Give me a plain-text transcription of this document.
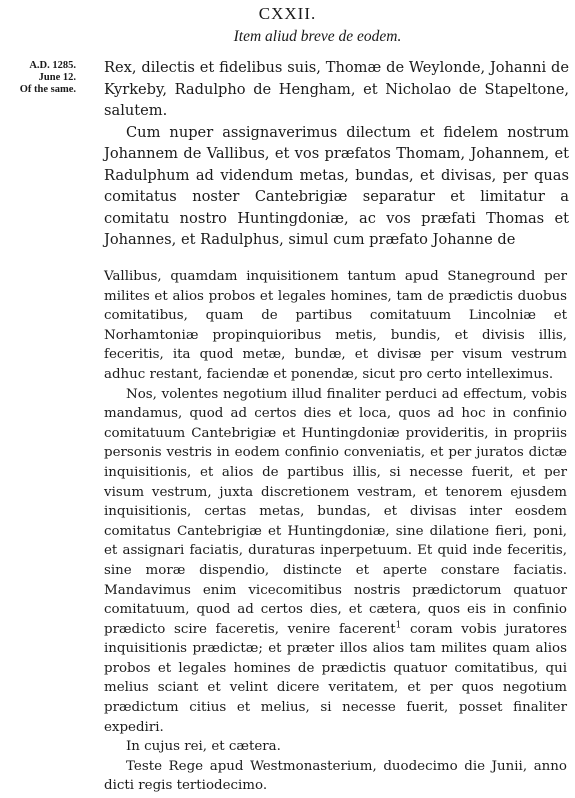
CXXII.
Item aliud breve de eodem.
A.D. 1285.
June 12.
Of the same.

Rex, dilectis et fidelibus suis, Thomæ de Weylonde, Johanni de Kyrkeby, Radulpho de Hengham, et Nicholao de Stapeltone, salutem.

Cum nuper assignaverimus dilectum et fidelem nostrum Johannem de Vallibus, et vos præfatos Thomam, Johannem, et Radulphum ad videndum metas, bundas, et divisas, per quas comitatus noster Cantebrigiæ separatur et limitatur a comitatu nostro Huntingdoniæ, ac vos præfati Thomas et Johannes, et Radulphus, simul cum præfato Johanne de

Vallibus, quamdam inquisitionem tantum apud Staneground per milites et alios probos et legales homines, tam de prædictis duobus comitatibus, quam de partibus comitatuum Lincolniæ et Norhamtoniæ propinquioribus metis, bundis, et divisis illis, feceritis, ita quod metæ, bundæ, et divisæ per visum vestrum adhuc restant, faciendæ et ponendæ, sicut pro certo intelleximus.

Nos, volentes negotium illud finaliter perduci ad effectum, vobis mandamus, quod ad certos dies et loca, quos ad hoc in confinio comitatuum Cantebrigiæ et Huntingdoniæ provideritis, in propriis personis vestris in eodem confinio conveniatis, et per juratos dictæ inquisitionis, et alios de partibus illis, si necesse fuerit, et per visum vestrum, juxta discretionem vestram, et tenorem ejusdem inquisitionis, certas metas, bundas, et divisas inter eosdem comitatus Cantebrigiæ et Huntingdoniæ, sine dilatione fieri, poni, et assignari faciatis, duraturas inperpetuum. Et quid inde feceritis, sine moræ dispendio, distincte et aperte constare faciatis. Mandavimus enim vicecomitibus nostris prædictorum quatuor comitatuum, quod ad certos dies, et cætera, quos eis in confinio prædicto scire faceretis, venire facerent$^1$ coram vobis juratores inquisitionis prædictæ; et præter illos alios tam milites quam alios probos et legales homines de prædictis quatuor comitatibus, qui melius sciant et velint dicere veritatem, et per quos negotium prædictum citius et melius, si necesse fuerit, posset finaliter expediri.

In cujus rei, et cætera.

Teste Rege apud Westmonasterium, duodecimo die Junii, anno dicti regis tertiodecimo.
